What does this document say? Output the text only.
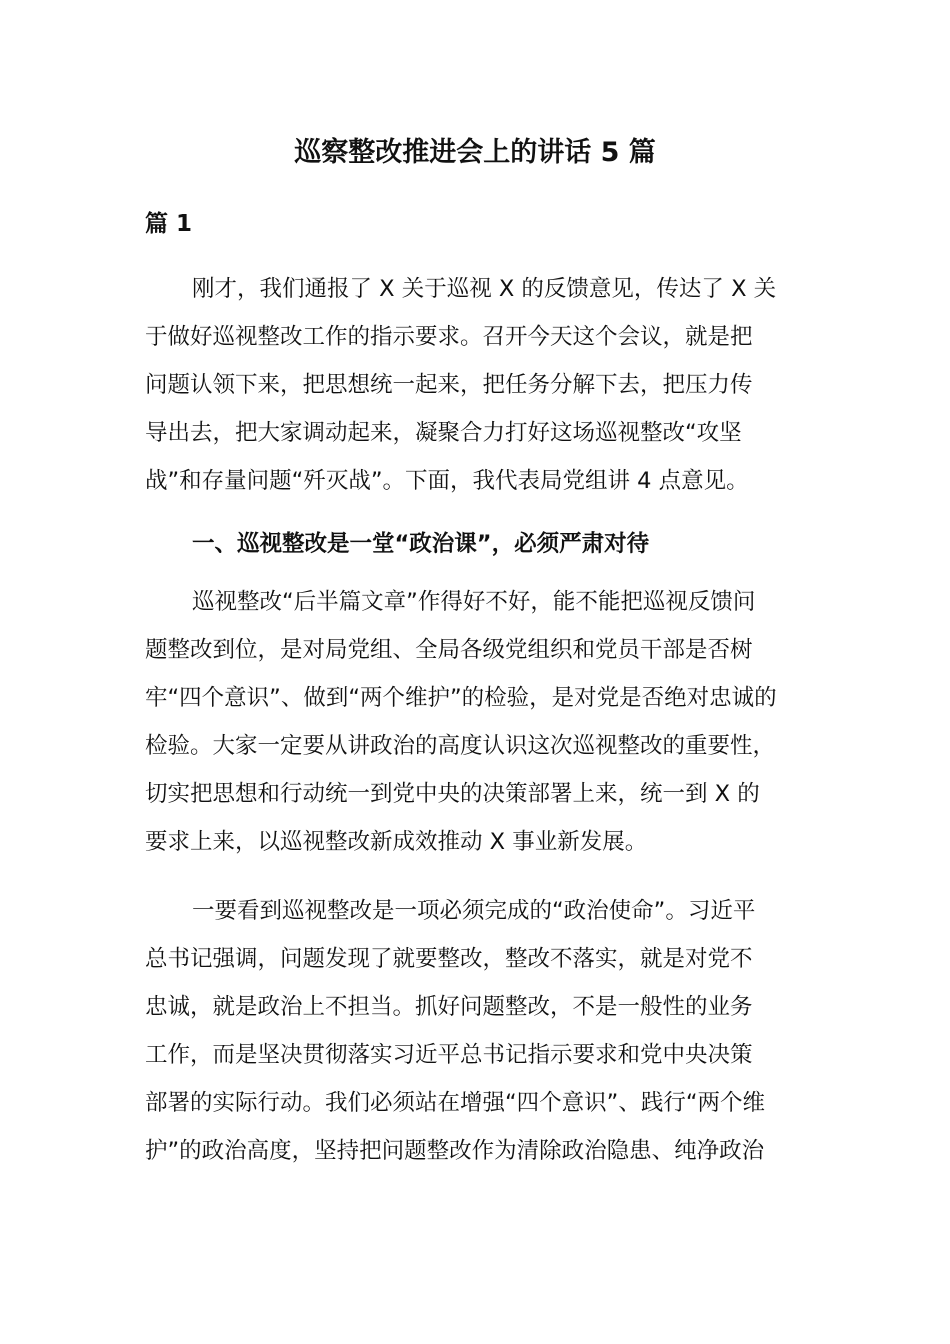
巡察整改推进会上的讲话 5 篇
篇 1
刚才，我们通报了 X 关于巡视 X 的反馈意见，传达了 X 关
于做好巡视整改工作的指示要求。召开今天这个会议，就是把
问题认领下来，把思想统一起来，把任务分解下去，把压力传
导出去，把大家调动起来，凝聚合力打好这场巡视整改“攻坚
战”和存量问题“歼灭战”。下面，我代表局党组讲 4 点意见。
一、巡视整改是一堂“政治课”，必须严肃对待
巡视整改“后半篇文章”作得好不好，能不能把巡视反馈问
题整改到位，是对局党组、全局各级党组织和党员干部是否树
牢“四个意识”、做到“两个维护”的检验，是对党是否绝对忠诚的
检验。大家一定要从讲政治的高度认识这次巡视整改的重要性，
切实把思想和行动统一到党中央的决策部署上来，统一到 X 的
要求上来，以巡视整改新成效推动 X 事业新发展。
一要看到巡视整改是一项必须完成的“政治使命”。习近平
总书记强调，问题发现了就要整改，整改不落实，就是对党不
忠诚，就是政治上不担当。抓好问题整改，不是一般性的业务
工作，而是坚决贯彻落实习近平总书记指示要求和党中央决策
部署的实际行动。我们必须站在增强“四个意识”、践行“两个维
护”的政治高度，坚持把问题整改作为清除政治隐患、纯净政治
